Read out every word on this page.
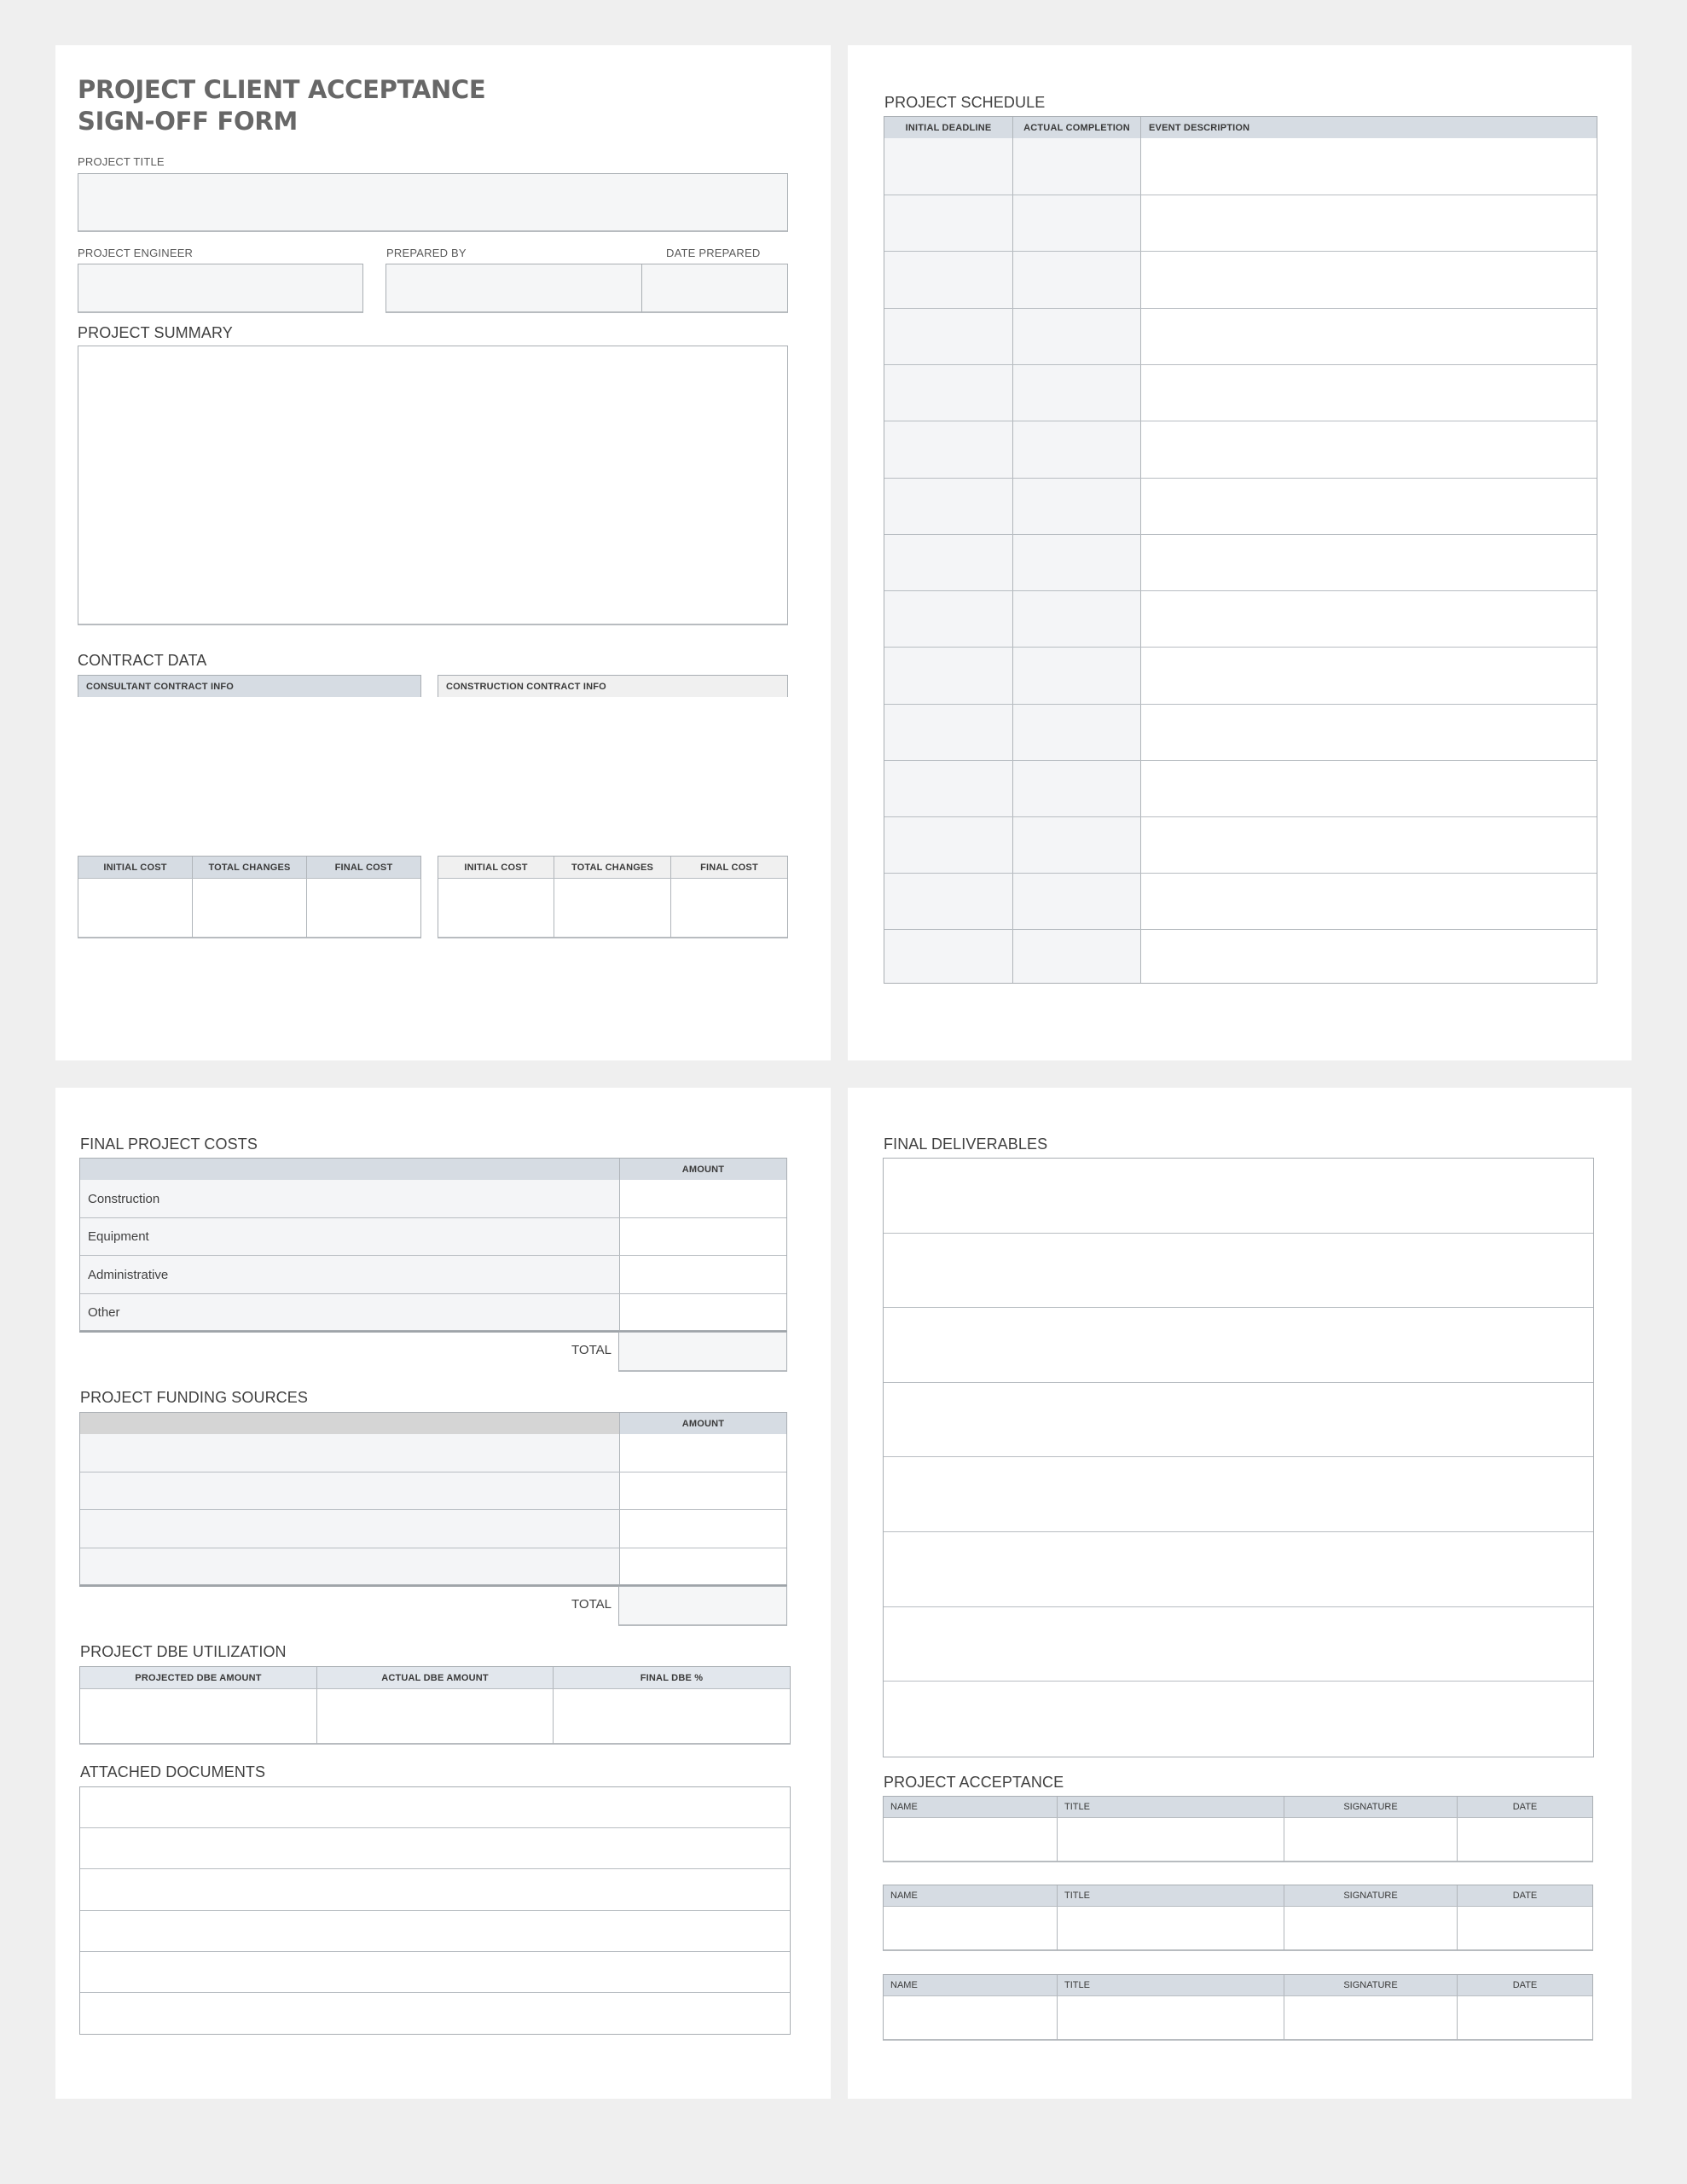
PROJECT CLIENT ACCEPTANCE
SIGN-OFF FORM
PROJECT TITLE
PROJECT ENGINEER	PREPARED BY	DATE PREPARED
PROJECT SUMMARY
CONTRACT DATA
CONSULTANT CONTRACT INFO
INITIAL COST	TOTAL CHANGES	FINAL COST
CONSTRUCTION CONTRACT INFO
INITIAL COST	TOTAL CHANGES	FINAL COST
PROJECT SCHEDULE
INITIAL DEADLINE	ACTUAL COMPLETION	EVENT DESCRIPTION
FINAL PROJECT COSTS
AMOUNT
Construction
Equipment
Administrative
Other
TOTAL
PROJECT FUNDING SOURCES
AMOUNT
TOTAL
PROJECT DBE UTILIZATION
PROJECTED DBE AMOUNT	ACTUAL DBE AMOUNT	FINAL DBE %
ATTACHED DOCUMENTS
FINAL DELIVERABLES
PROJECT ACCEPTANCE
NAME	TITLE	SIGNATURE	DATE
NAME	TITLE	SIGNATURE	DATE
NAME	TITLE	SIGNATURE	DATE
